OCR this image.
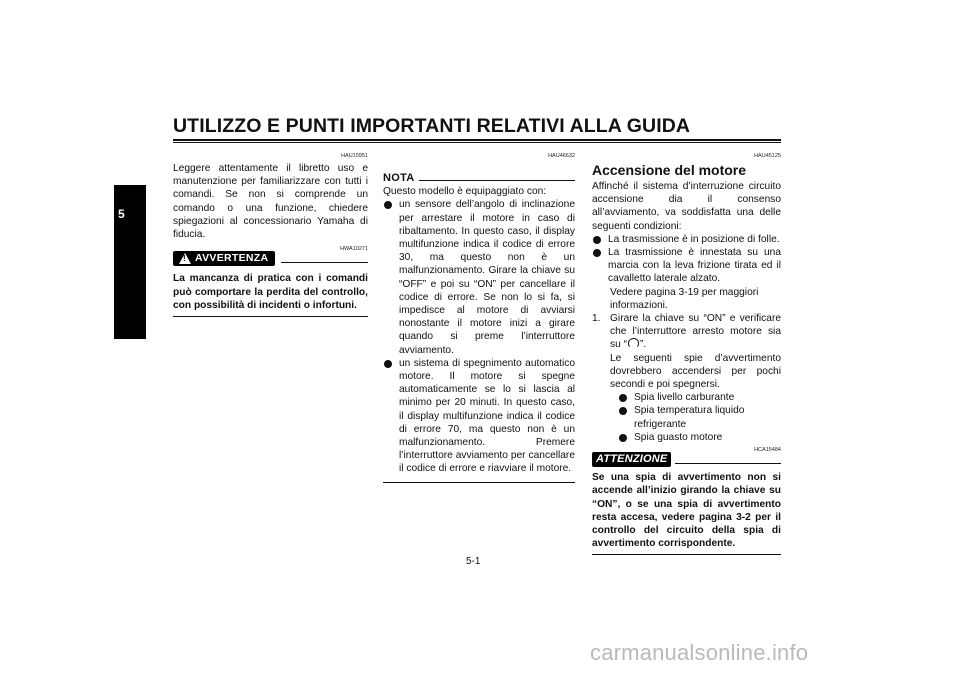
UTILIZZO E PUNTI IMPORTANTI RELATIVI ALLA GUIDA
5
HAU15951

Leggere attentamente il libretto uso e manutenzione per familiarizzare con tutti i comandi. Se non si comprende un comando o una funzione, chiedere spiegazioni al concessionario Yamaha di fiducia.

HWA10271
! AVVERTENZA

La mancanza di pratica con i comandi può comportare la perdita del controllo, con possibilità di incidenti o infortuni.

HAU46632
NOTA

Questo modello è equipaggiato con:

un sensore dell’angolo di inclinazione per arrestare il motore in caso di ribaltamento. In questo caso, il display multifunzione indica il codice di errore 30, ma questo non è un malfunzionamento. Girare la chiave su “OFF” e poi su “ON” per cancellare il codice di errore. Se non lo si fa, si impedisce al motore di avviarsi nonostante il motore inizi a girare quando si preme l’interruttore avviamento.
un sistema di spegnimento automatico motore. Il motore si spegne automaticamente se lo si lascia al minimo per 20 minuti. In questo caso, il display multifunzione indica il codice di errore 70, ma questo non è un malfunzionamento. Premere l’interruttore avviamento per cancellare il codice di errore e riavviare il motore.
HAU45125
Accensione del motore

Affinché il sistema d’interruzione circuito accensione dia il consenso all’avviamento, va soddisfatta una delle seguenti condizioni:

La trasmissione è in posizione di folle.
La trasmissione è innestata su una marcia con la leva frizione tirata ed il cavalletto laterale alzato.

Vedere pagina 3-19 per maggiori informazioni.

1. Girare la chiave su “ON” e verificare che l’interruttore arresto motore sia su “ ”.

Le seguenti spie d’avvertimento dovrebbero accendersi per pochi secondi e poi spegnersi.

Spia livello carburante
Spia temperatura liquido refrigerante
Spia guasto motore
HCA15484
ATTENZIONE

Se una spia di avvertimento non si accende all’inizio girando la chiave su “ON”, o se una spia di avvertimento resta accesa, vedere pagina 3-2 per il controllo del circuito della spia di avvertimento corrispondente.

5-1
carmanualsonline.info
